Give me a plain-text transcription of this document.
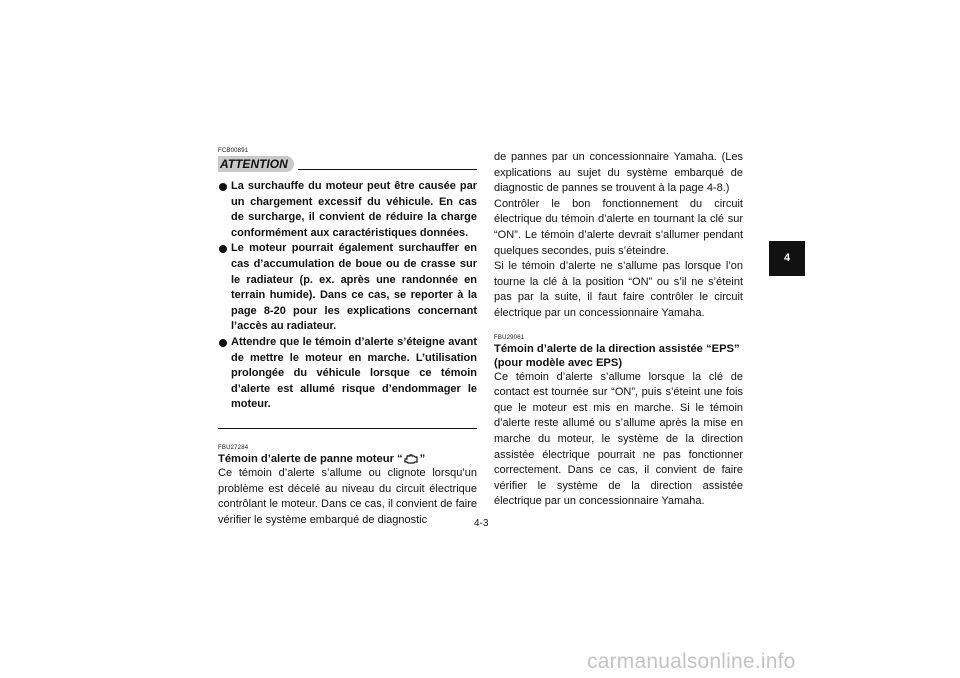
FCB00891
ATTENTION
La surchauffe du moteur peut être causée par un chargement excessif du véhicule. En cas de surcharge, il convient de réduire la charge conformément aux caractéristiques données.
Le moteur pourrait également surchauffer en cas d’accumulation de boue ou de crasse sur le radiateur (p. ex. après une randonnée en terrain humide). Dans ce cas, se reporter à la page 8-20 pour les explications concernant l’accès au radiateur.
Attendre que le témoin d’alerte s’éteigne avant de mettre le moteur en marche. L’utilisation prolongée du véhicule lorsque ce témoin d’alerte est allumé risque d’endommager le moteur.
FBU27284
Témoin d’alerte de panne moteur “ ”

Ce témoin d’alerte s’allume ou clignote lorsqu’un problème est décelé au niveau du circuit électrique contrôlant le moteur. Dans ce cas, il convient de faire vérifier le système embarqué de diagnostic

de pannes par un concessionnaire Yamaha. (Les explications au sujet du système embarqué de diagnostic de pannes se trouvent à la page 4-8.)

Contrôler le bon fonctionnement du circuit électrique du témoin d’alerte en tournant la clé sur “ON”. Le témoin d’alerte devrait s’allumer pendant quelques secondes, puis s’éteindre.

Si le témoin d’alerte ne s’allume pas lorsque l’on tourne la clé à la position “ON” ou s’il ne s’éteint pas par la suite, il faut faire contrôler le circuit électrique par un concessionnaire Yamaha.

FBU29061
Témoin d’alerte de la direction assistée “EPS” (pour modèle avec EPS)

Ce témoin d’alerte s’allume lorsque la clé de contact est tournée sur “ON”, puis s’éteint une fois que le moteur est mis en marche. Si le témoin d’alerte reste allumé ou s’allume après la mise en marche du moteur, le système de la direction assistée électrique pourrait ne pas fonctionner correctement. Dans ce cas, il convient de faire vérifier le système de la direction assistée électrique par un concessionnaire Yamaha.

4-3
4
carmanualsonline.info
